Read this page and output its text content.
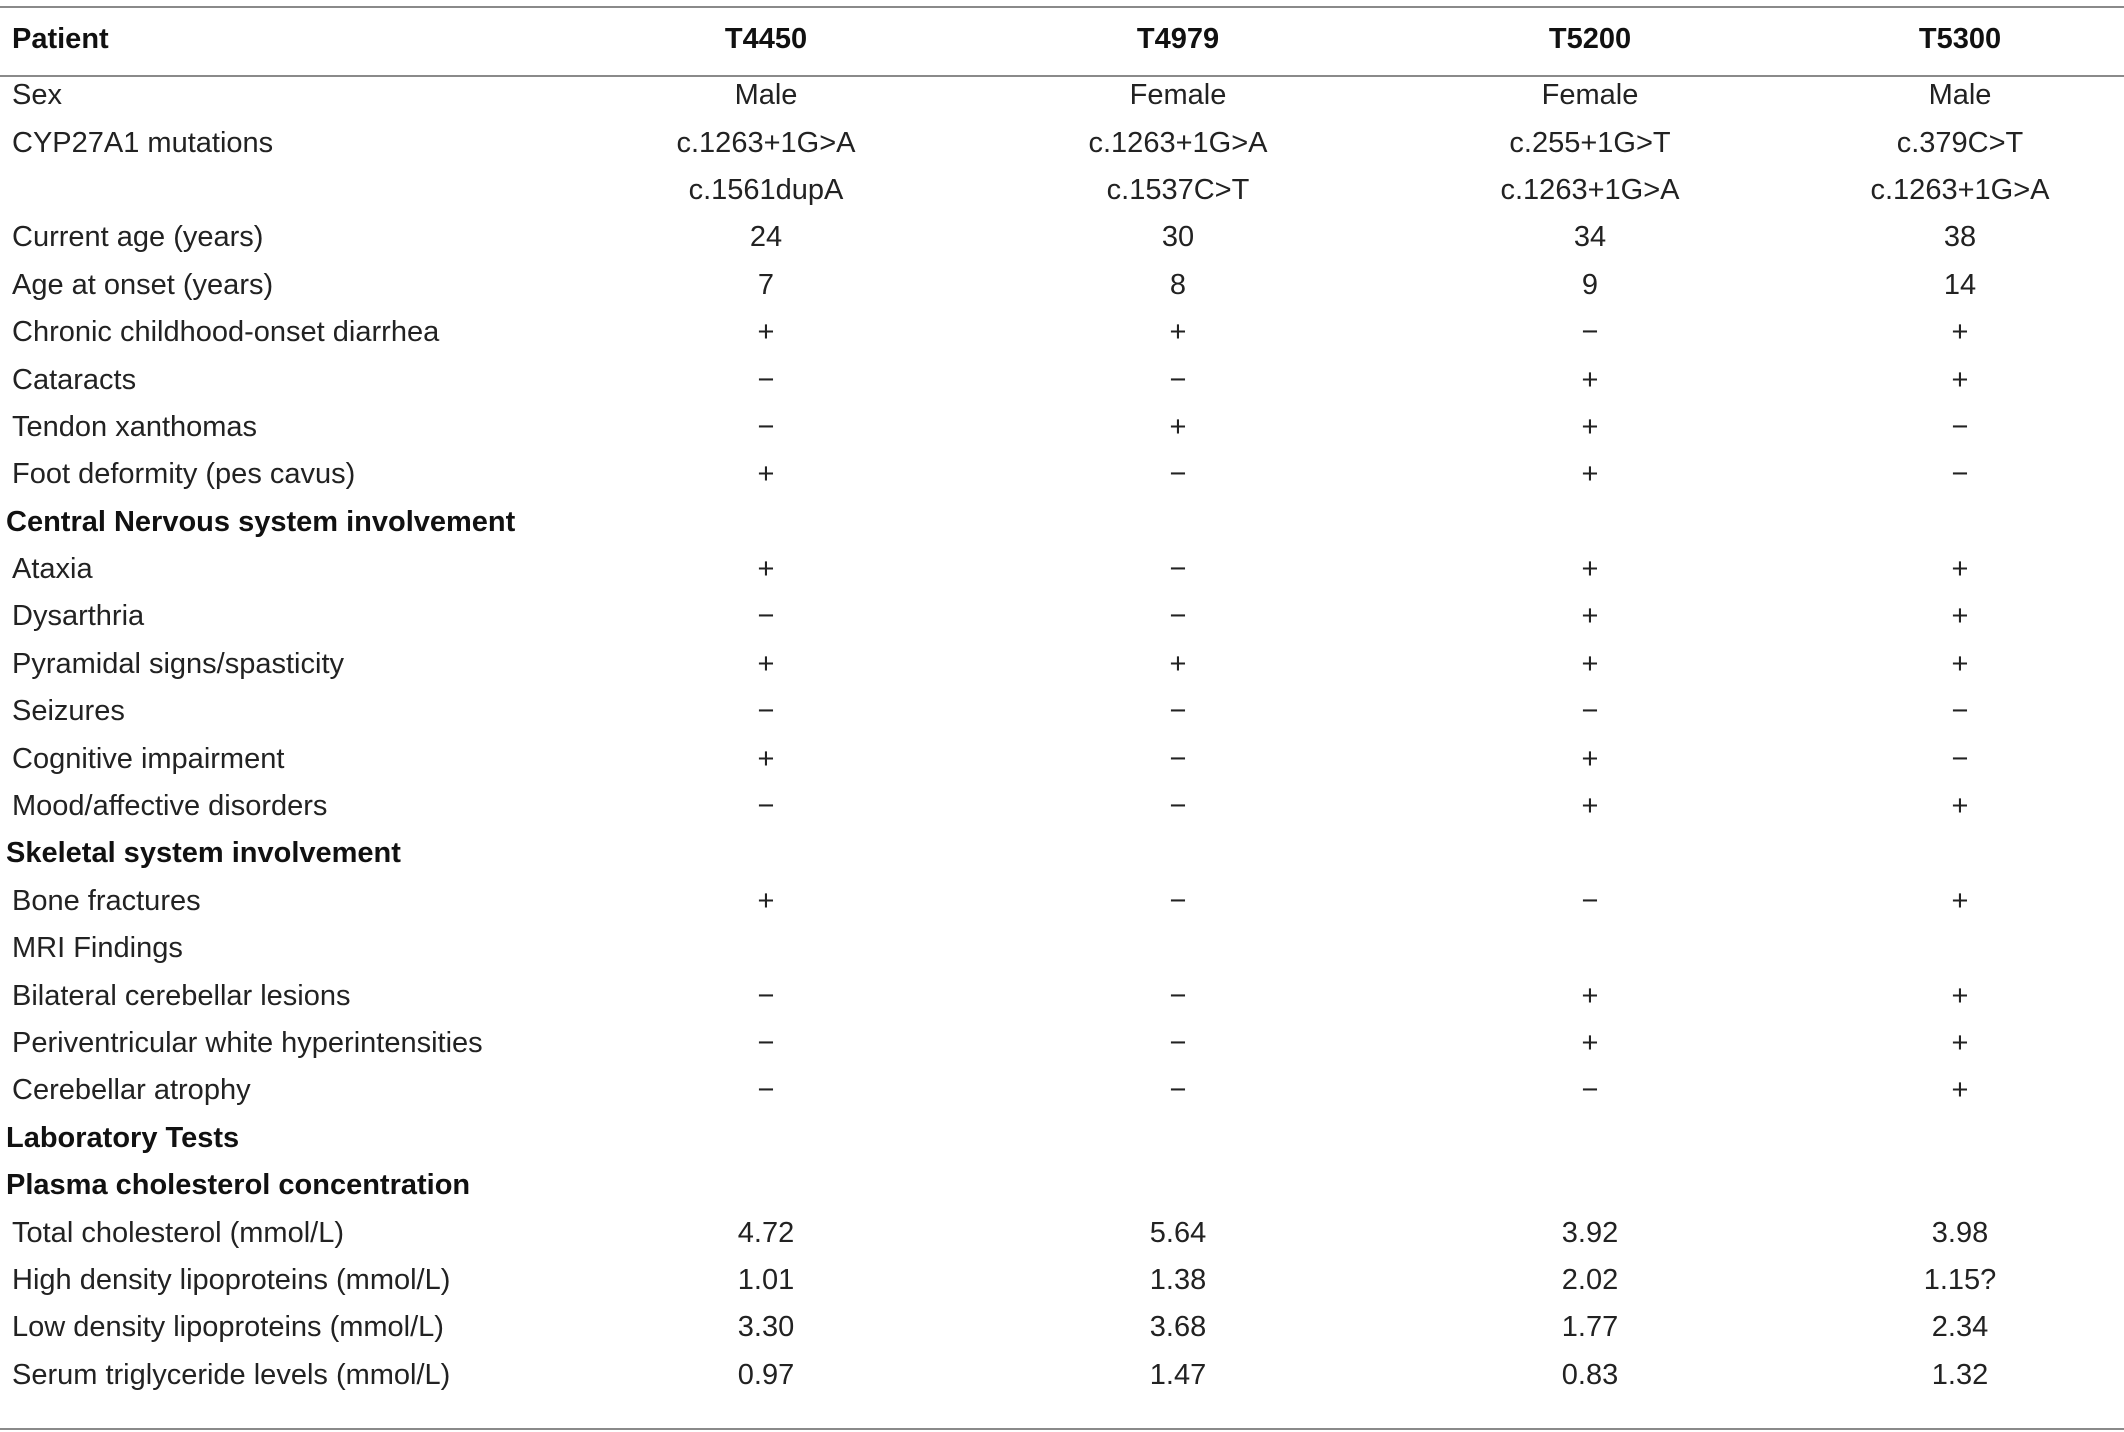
Patient	T4450	T4979	T5200	T5300
Sex	Male	Female	Female	Male
CYP27A1 mutations	c.1263+1G>A	c.1263+1G>A	c.255+1G>T	c.379C>T
	c.1561dupA	c.1537C>T	c.1263+1G>A	c.1263+1G>A
Current age (years)	24	30	34	38
Age at onset (years)	7	8	9	14
Chronic childhood-onset diarrhea	+	+	−	+
Cataracts	−	−	+	+
Tendon xanthomas	−	+	+	−
Foot deformity (pes cavus)	+	−	+	−
Central Nervous system involvement				
Ataxia	+	−	+	+
Dysarthria	−	−	+	+
Pyramidal signs/spasticity	+	+	+	+
Seizures	−	−	−	−
Cognitive impairment	+	−	+	−
Mood/affective disorders	−	−	+	+
Skeletal system involvement				
Bone fractures	+	−	−	+
MRI Findings				
Bilateral cerebellar lesions	−	−	+	+
Periventricular white hyperintensities	−	−	+	+
Cerebellar atrophy	−	−	−	+
Laboratory Tests				
Plasma cholesterol concentration				
Total cholesterol (mmol/L)	4.72	5.64	3.92	3.98
High density lipoproteins (mmol/L)	1.01	1.38	2.02	1.15?
Low density lipoproteins (mmol/L)	3.30	3.68	1.77	2.34
Serum triglyceride levels (mmol/L)	0.97	1.47	0.83	1.32
